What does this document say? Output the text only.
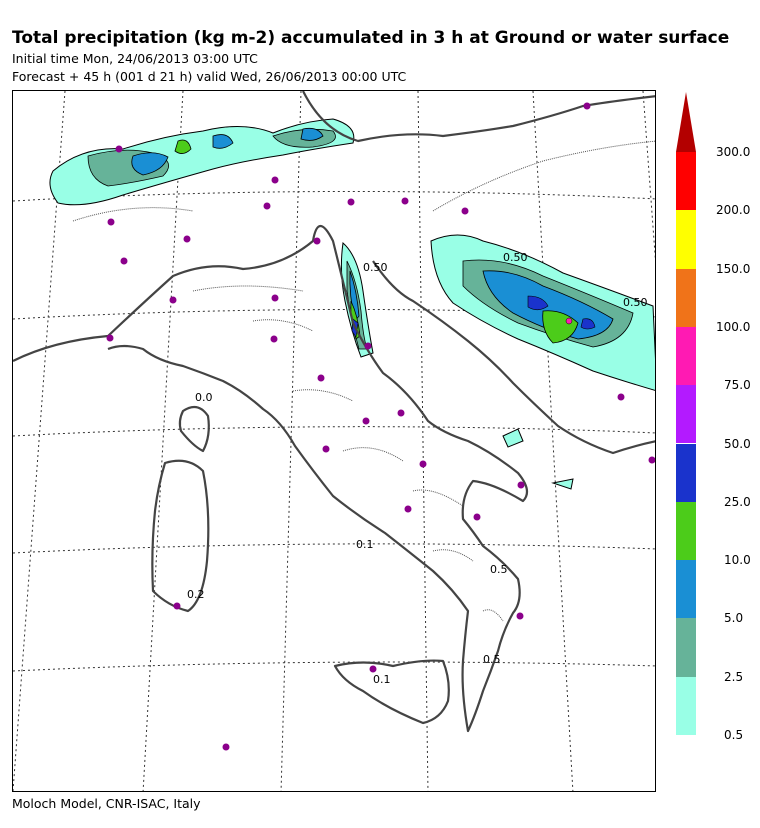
Total precipitation (kg m-2) accumulated in 3 h at Ground or water surface
Initial time Mon, 24/06/2013 03:00 UTC
Forecast + 45 h (001 d 21 h) valid Wed, 26/06/2013 00:00 UTC
0.0
0.1
0.2
0.5
0.5
0.1
0.50
0.50
0.50
0.5
2.5
5.0
10.0
25.0
50.0
75.0
100.0
150.0
200.0
300.0
Moloch Model, CNR-ISAC, Italy
